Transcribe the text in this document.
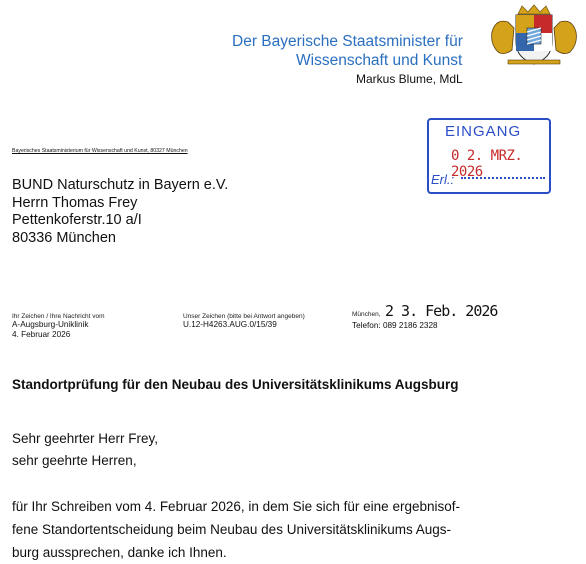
Der Bayerische Staatsminister für
Wissenschaft und Kunst
Markus Blume, MdL
EINGANG
0 2. MRZ. 2026
Erl.:
Bayerisches Staatsministerium für Wissenschaft und Kunst, 80327 München
BUND Naturschutz in Bayern e.V.
Herrn Thomas Frey
Pettenkoferstr.10 a/I
80336 München
Ihr Zeichen / Ihre Nachricht vom
A-Augsburg-Uniklinik
4. Februar 2026
Unser Zeichen (bitte bei Antwort angeben)
U.12-H4263.AUG.0/15/39
München, 2 3. Feb. 2026
Telefon: 089 2186 2328
Standortprüfung für den Neubau des Universitätsklinikums Augsburg
Sehr geehrter Herr Frey,
sehr geehrte Herren,
für Ihr Schreiben vom 4. Februar 2026, in dem Sie sich für eine ergebnisof-
fene Standortentscheidung beim Neubau des Universitätsklinikums Augs-
burg aussprechen, danke ich Ihnen.
